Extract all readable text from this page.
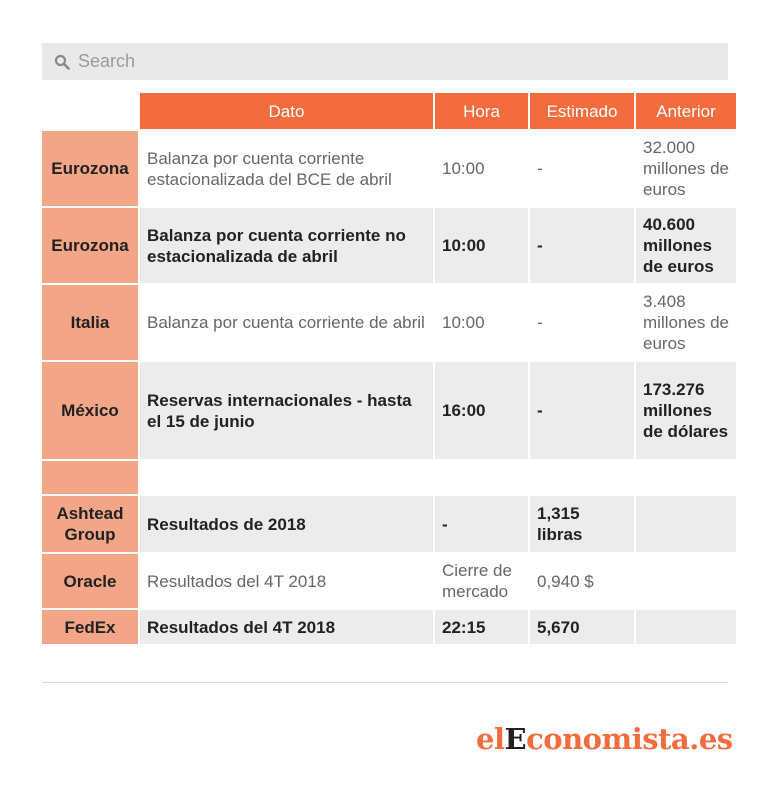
Search
	Dato	Hora	Estimado	Anterior
Eurozona	Balanza por cuenta corriente estacionalizada del BCE de abril	10:00	-	32.000 millones de euros
Eurozona	Balanza por cuenta corriente no estacionalizada de abril	10:00	-	40.600 millones de euros
Italia	Balanza por cuenta corriente de abril	10:00	-	3.408 millones de euros
México	Reservas internacionales - hasta el 15 de junio	16:00	-	173.276 millones de dólares

Ashtead Group	Resultados de 2018	-	1,315 libras	
Oracle	Resultados del 4T 2018	Cierre de mercado	0,940 $	
FedEx	Resultados del 4T 2018	22:15	5,670	
elEconomista.es
